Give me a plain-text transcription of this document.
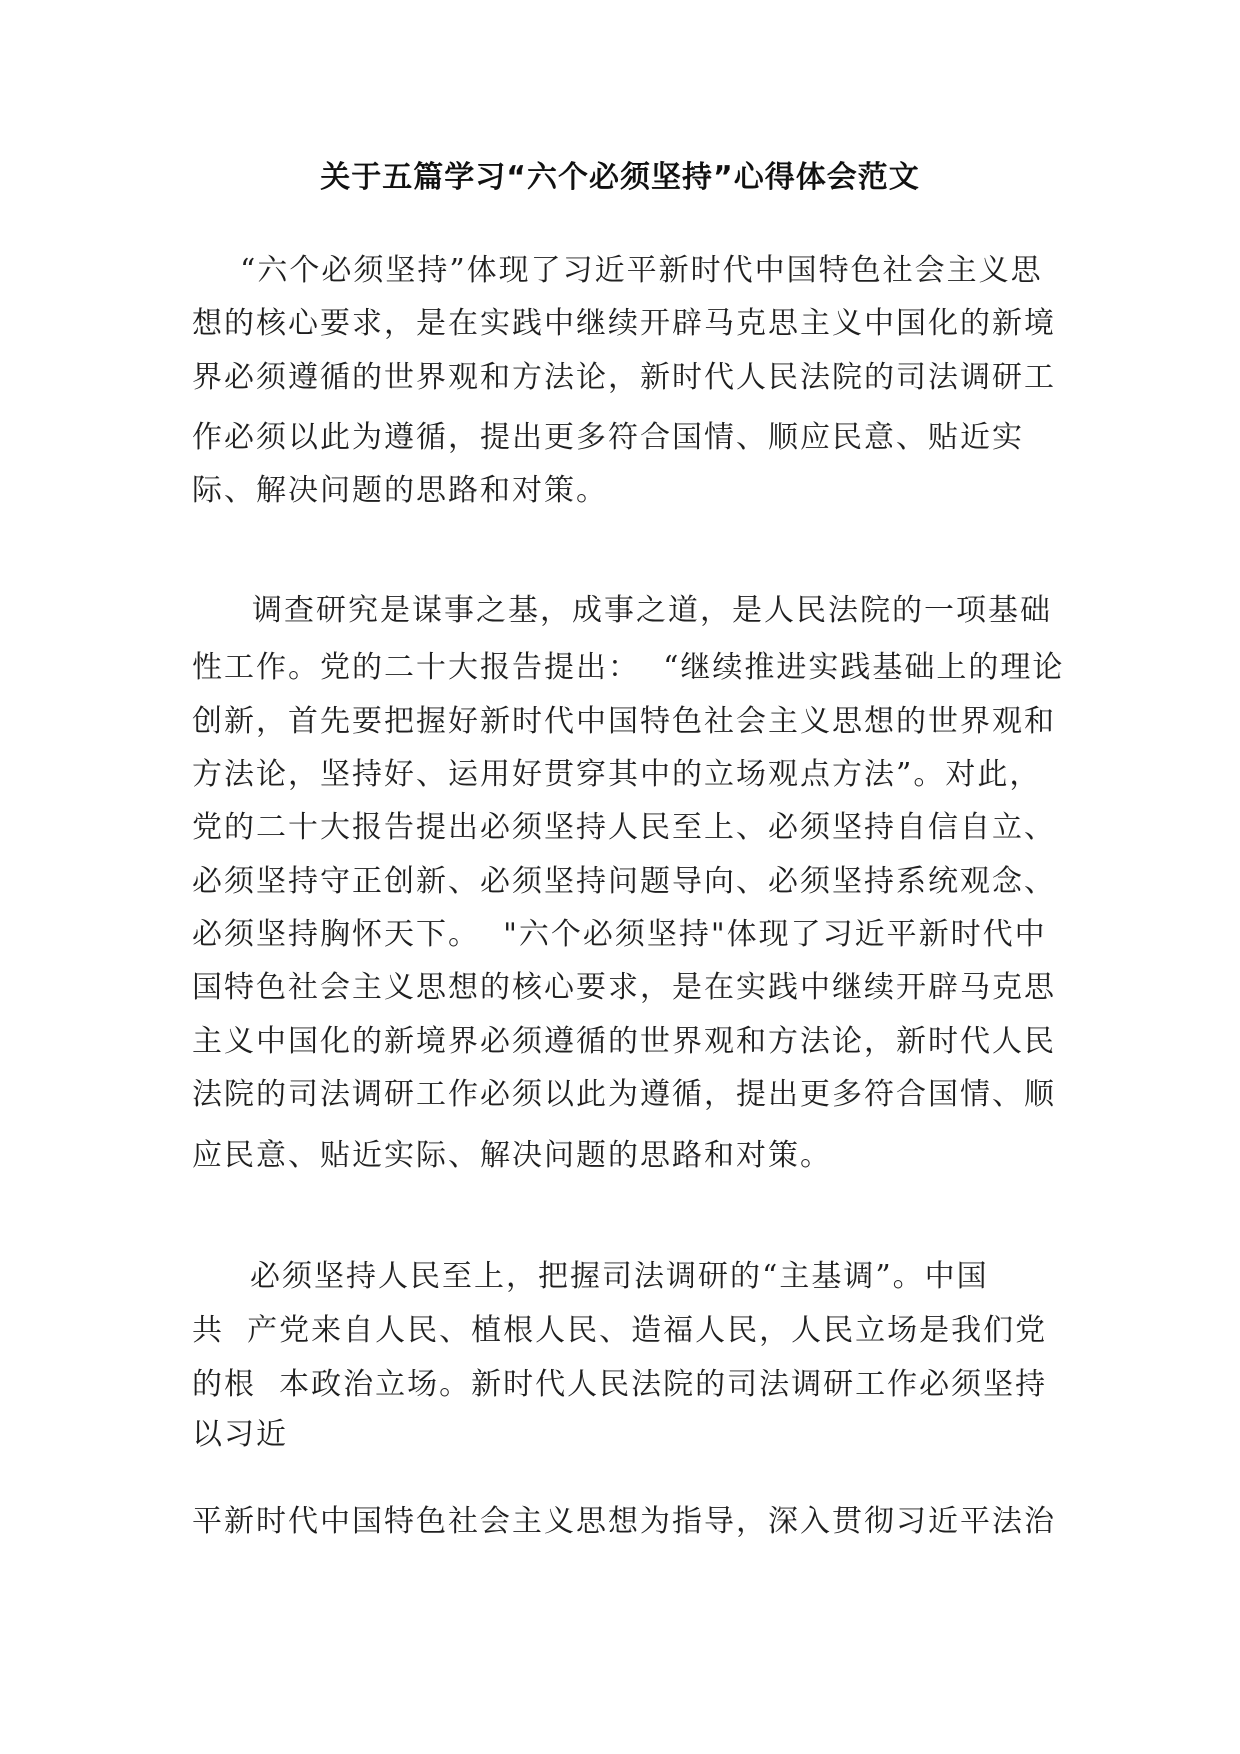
关于五篇学习“六个必须坚持”心得体会范文
“六个必须坚持”体现了习近平新时代中国特色社会主义思
想的核心要求，是在实践中继续开辟马克思主义中国化的新境
界必须遵循的世界观和方法论，新时代人民法院的司法调研工
作必须以此为遵循，提出更多符合国情、顺应民意、贴近实
际、解决问题的思路和对策。
调查研究是谋事之基，成事之道，是人民法院的一项基础
性工作。党的二十大报告提出：  “继续推进实践基础上的理论
创新，首先要把握好新时代中国特色社会主义思想的世界观和
方法论，坚持好、运用好贯穿其中的立场观点方法”。对此，
党的二十大报告提出必须坚持人民至上、必须坚持自信自立、
必须坚持守正创新、必须坚持问题导向、必须坚持系统观念、
必须坚持胸怀天下。  "六个必须坚持"体现了习近平新时代中
国特色社会主义思想的核心要求，是在实践中继续开辟马克思
主义中国化的新境界必须遵循的世界观和方法论，新时代人民
法院的司法调研工作必须以此为遵循，提出更多符合国情、顺
应民意、贴近实际、解决问题的思路和对策。
必须坚持人民至上，把握司法调研的“主基调”。中国
共  产党来自人民、植根人民、造福人民，人民立场是我们党
的根  本政治立场。新时代人民法院的司法调研工作必须坚持
以习近
平新时代中国特色社会主义思想为指导，深入贯彻习近平法治
